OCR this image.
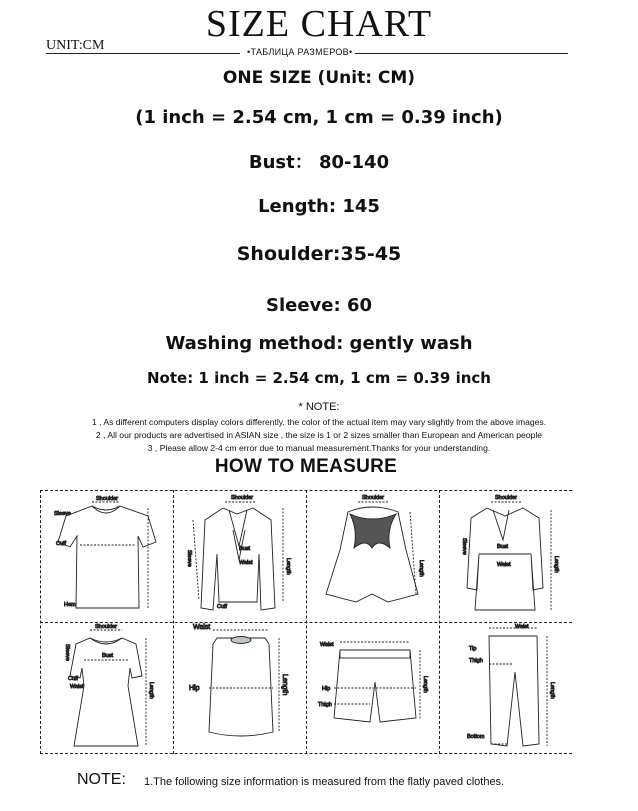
SIZE CHART
UNIT:CM	•ТАБЛИЦА РАЗМЕРОВ•
ONE SIZE (Unit: CM)
(1 inch = 2.54 cm, 1 cm = 0.39 inch)
Bust： 80-140
Length: 145
Shoulder:35-45
Sleeve: 60
Washing method: gently wash
Note: 1 inch = 2.54 cm, 1 cm = 0.39 inch
* NOTE:
1 , As different computers display colors differently, the color of the actual item may vary slightly from the above images.
2 , All our products are advertised in ASIAN size , the size is 1 or 2 sizes smaller than European and American people
3 , Please allow 2-4 cm error due to manual measurement.Thanks for your understanding.
HOW TO MEASURE
Shoulder
Sleeve
Cuff
Hem
Shoulder
Bust
Waist
Cuff
Length
Sleeve
Shoulder
Length
Shoulder
Bust
Waist	Length
Sleeve
Shoulder
Bust
Cuff
Waist	Length
Sleeve
Waist
Hip	Length
Waist
Hip
Thigh
Length
Waist
Tip
Thigh
Bottom
Length
NOTE: 1.The following size information is measured from the flatly paved clothes.
